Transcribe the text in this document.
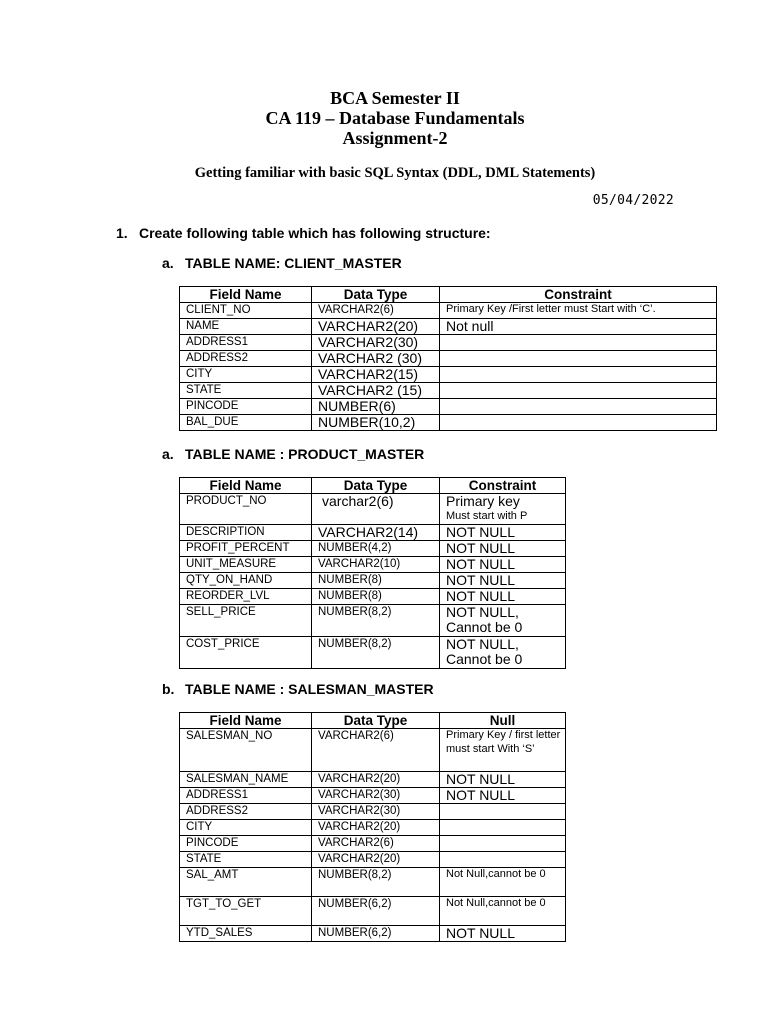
BCA Semester II
CA 119 – Database Fundamentals
Assignment-2
Getting familiar with basic SQL Syntax (DDL, DML Statements)
05/04/2022
1. Create following table which has following structure:
a. TABLE NAME: CLIENT_MASTER
Field Name	Data Type	Constraint
CLIENT_NO	VARCHAR2(6)	Primary Key /First letter must Start with ‘C’.
NAME	VARCHAR2(20)	Not null
ADDRESS1	VARCHAR2(30)	
ADDRESS2	VARCHAR2 (30)	
CITY	VARCHAR2(15)	
STATE	VARCHAR2 (15)	
PINCODE	NUMBER(6)	
BAL_DUE	NUMBER(10,2)	
a. TABLE NAME : PRODUCT_MASTER
Field Name	Data Type	Constraint
PRODUCT_NO	varchar2(6)	Primary key
Must start with P

DESCRIPTION	VARCHAR2(14)	NOT NULL
PROFIT_PERCENT	NUMBER(4,2)	NOT NULL
UNIT_MEASURE	VARCHAR2(10)	NOT NULL
QTY_ON_HAND	NUMBER(8)	NOT NULL
REORDER_LVL	NUMBER(8)	NOT NULL
SELL_PRICE	NUMBER(8,2)	NOT NULL,
Cannot be 0

COST_PRICE	NUMBER(8,2)	NOT NULL,
Cannot be 0
b. TABLE NAME : SALESMAN_MASTER
Field Name	Data Type	Null
SALESMAN_NO	VARCHAR2(6)	Primary Key / first letter must start With ‘S’
SALESMAN_NAME	VARCHAR2(20)	NOT NULL
ADDRESS1	VARCHAR2(30)	NOT NULL
ADDRESS2	VARCHAR2(30)	
CITY	VARCHAR2(20)	
PINCODE	VARCHAR2(6)	
STATE	VARCHAR2(20)	
SAL_AMT	NUMBER(8,2)	Not Null,cannot be 0
TGT_TO_GET	NUMBER(6,2)	Not Null,cannot be 0
YTD_SALES	NUMBER(6,2)	NOT NULL
